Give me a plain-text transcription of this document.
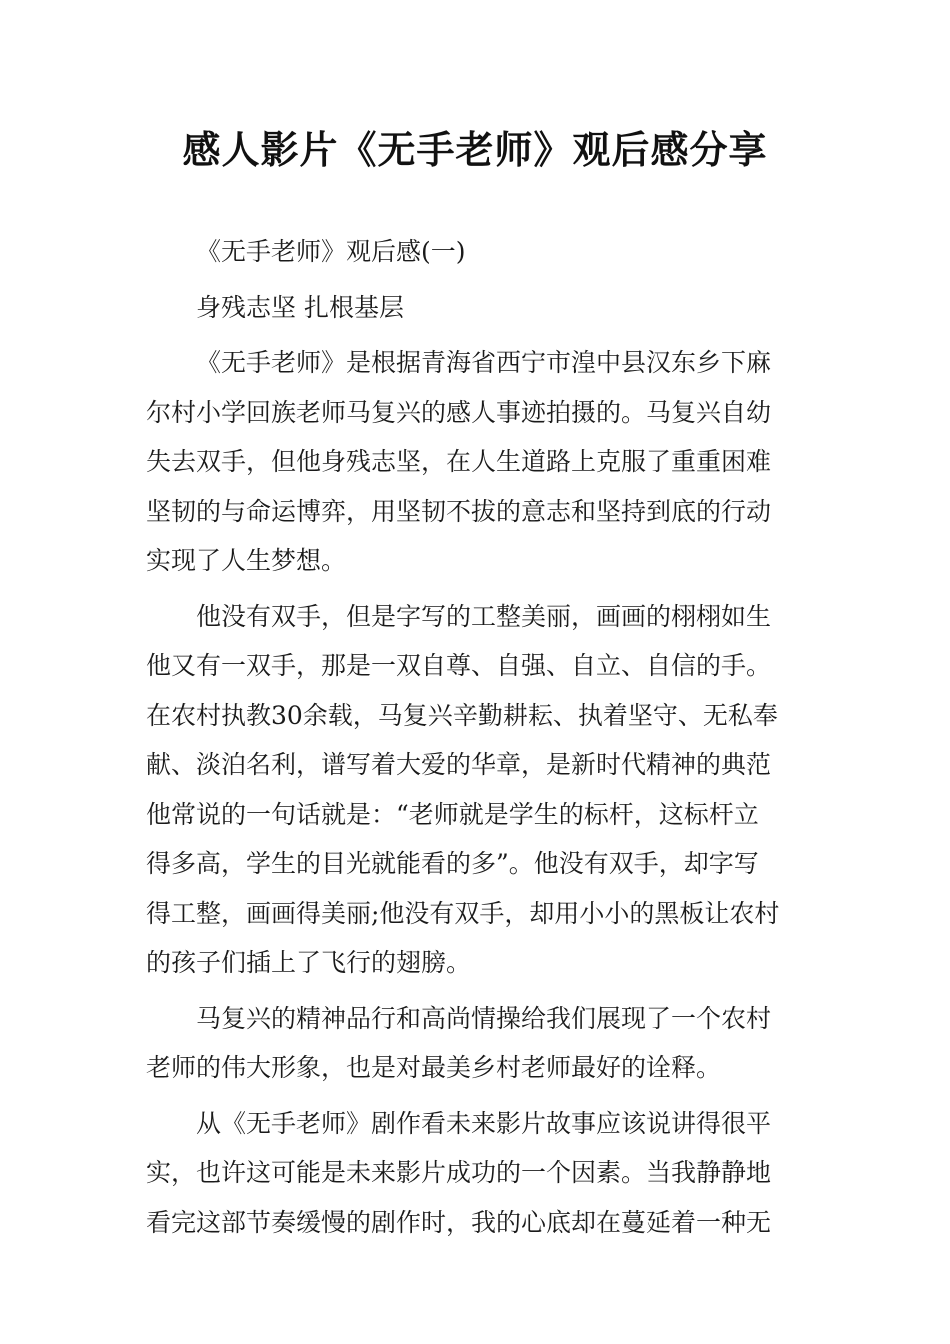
感人影片《无手老师》观后感分享
《无手老师》观后感(一)
身残志坚 扎根基层
《无手老师》是根据青海省西宁市湟中县汉东乡下麻
尔村小学回族老师马复兴的感人事迹拍摄的。马复兴自幼
失去双手，但他身残志坚，在人生道路上克服了重重困难
坚韧的与命运博弈，用坚韧不拔的意志和坚持到底的行动
实现了人生梦想。
他没有双手，但是字写的工整美丽，画画的栩栩如生
他又有一双手，那是一双自尊、自强、自立、自信的手。
在农村执教30余载，马复兴辛勤耕耘、执着坚守、无私奉
献、淡泊名利，谱写着大爱的华章，是新时代精神的典范
他常说的一句话就是：“老师就是学生的标杆，这标杆立
得多高，学生的目光就能看的多”。他没有双手，却字写
得工整，画画得美丽;他没有双手，却用小小的黑板让农村
的孩子们插上了飞行的翅膀。
马复兴的精神品行和高尚情操给我们展现了一个农村
老师的伟大形象，也是对最美乡村老师最好的诠释。
从《无手老师》剧作看未来影片故事应该说讲得很平
实，也许这可能是未来影片成功的一个因素。当我静静地
看完这部节奏缓慢的剧作时，我的心底却在蔓延着一种无
